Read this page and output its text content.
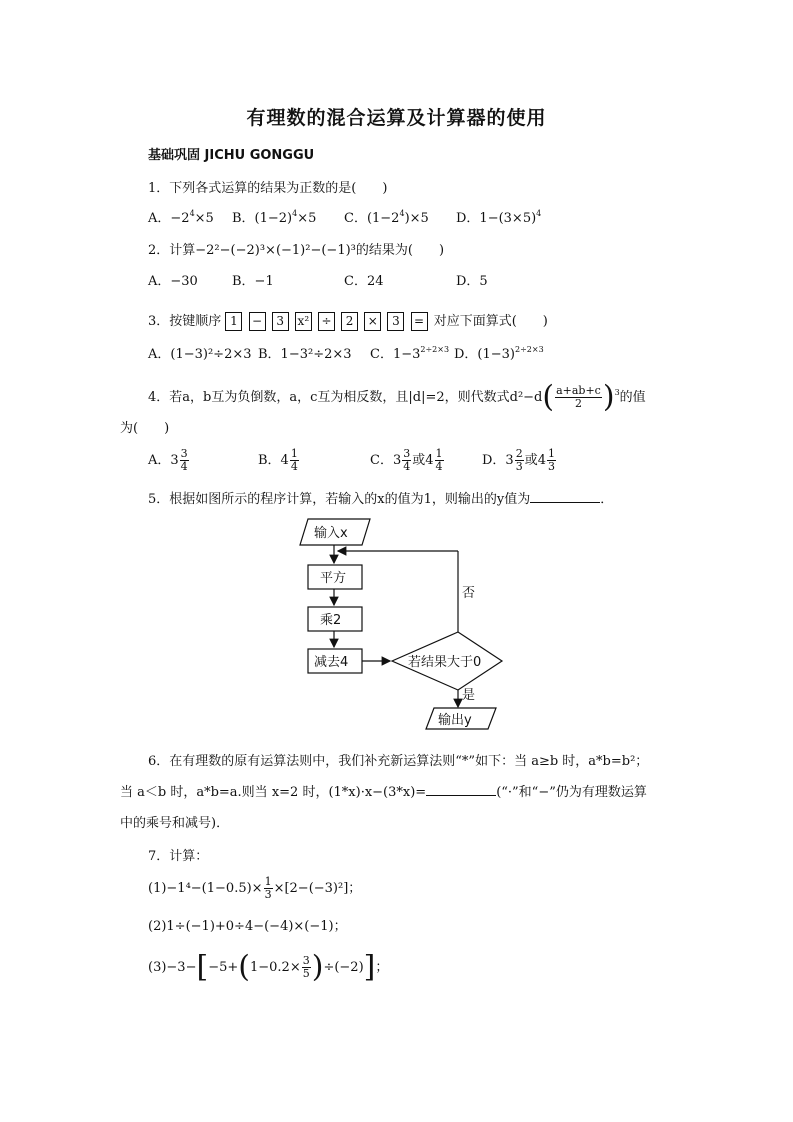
有理数的混合运算及计算器的使用
基础巩固 JICHU GONGGU
1．下列各式运算的结果为正数的是(　　)
A．$-2^4\times 5$ B．$(1-2)^4\times 5$ C．$(1-2^4)\times 5$ D．$1-(3\times 5)^4$
2．计算−2²−(−2)³×(−1)²−(−1)³的结果为(　　)
A．−30	B．−1	C．24	D．5
3．按键顺序 1 − 3 x² ÷ 2 × 3 = 对应下面算式(　　)
A．(1−3)²÷2×3 B．1−3²÷2×3 C．$1-3^{2\div 2\times 3}$ D．$(1-3)^{2\div 2\times 3}$
4．若a，b互为负倒数，a，c互为相反数，且|d|=2，则代数式$d^2-d( \frac{a+ab+c}{2} )^3$的值
为(　　)
A．$3 \frac{3}{4}$	B．$4 \frac{1}{4}$	C．$3 \frac{3}{4}$ 或$4 \frac{1}{4}$	D．$3 \frac{2}{3}$ 或$4 \frac{1}{3}$
5．根据如图所示的程序计算，若输入的x的值为1，则输出的y值为	．
输入x
否
平方
乘2
减去4	若结果大于0
是
输出y
6．在有理数的原有运算法则中，我们补充新运算法则“*”如下：当 a≥b 时，a*b=b²；
当 a＜b 时，a*b=a.则当 x=2 时，(1*x)·x−(3*x)=	(“·”和“−”仍为有理数运算
中的乘号和减号)．
7．计算：
$(1)-1^4-(1-0.5)\times \frac{1}{3} \times[2-(-3)^2]$；
(2)1÷(−1)+0÷4−(−4)×(−1)；
$(3)-3-[-5+(1-0.2\times \frac{3}{5} )\div(-2)]$；
